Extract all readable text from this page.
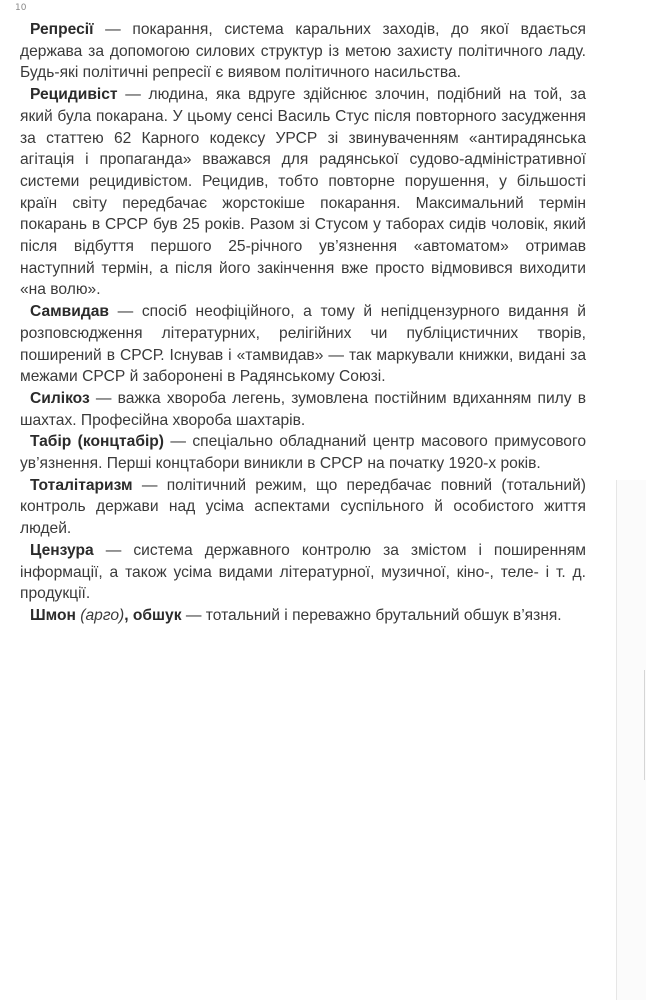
10

Репресії — покарання, система каральних заходів, до якої вдається держава за допомогою силових структур із метою захисту політичного ладу. Будь-які політичні репресії є виявом політичного насильства.

Рецидивіст — людина, яка вдруге здійснює злочин, подібний на той, за який була покарана. У цьому сенсі Василь Стус після повторного засудження за статтею 62 Карного кодексу УРСР зі звинуваченням «антирадянська агітація і пропаганда» вважався для радянської судово-адміністративної системи рецидивістом. Рецидив, тобто повторне порушення, у більшості країн світу передбачає жорстокіше покарання. Максимальний термін покарань в СРСР був 25 років. Разом зі Стусом у таборах сидів чоловік, який після відбуття першого 25-річного ув’язнення «автоматом» отримав наступний термін, а після його закінчення вже просто відмовився виходити «на волю».

Самвидав — спосіб неофіційного, а тому й непідцензурного видання й розповсюдження літературних, релігійних чи публіцистичних творів, поширений в СРСР. Існував і «тамвидав» — так маркували книжки, видані за межами СРСР й заборонені в Радянському Союзі.

Силікоз — важка хвороба легень, зумовлена постійним вдиханням пилу в шахтах. Професійна хвороба шахтарів.

Табір (концтабір) — спеціально обладнаний центр масового примусового ув’язнення. Перші концтабори виникли в СРСР на початку 1920-х років.

Тоталітаризм — політичний режим, що передбачає повний (тотальний) контроль держави над усіма аспектами суспільного й особистого життя людей.

Цензура — система державного контролю за змістом і поширенням інформації, а також усіма видами літературної, музичної, кіно-, теле- і т. д. продукції.

Шмон (арго), обшук — тотальний і переважно брутальний обшук в’язня.
